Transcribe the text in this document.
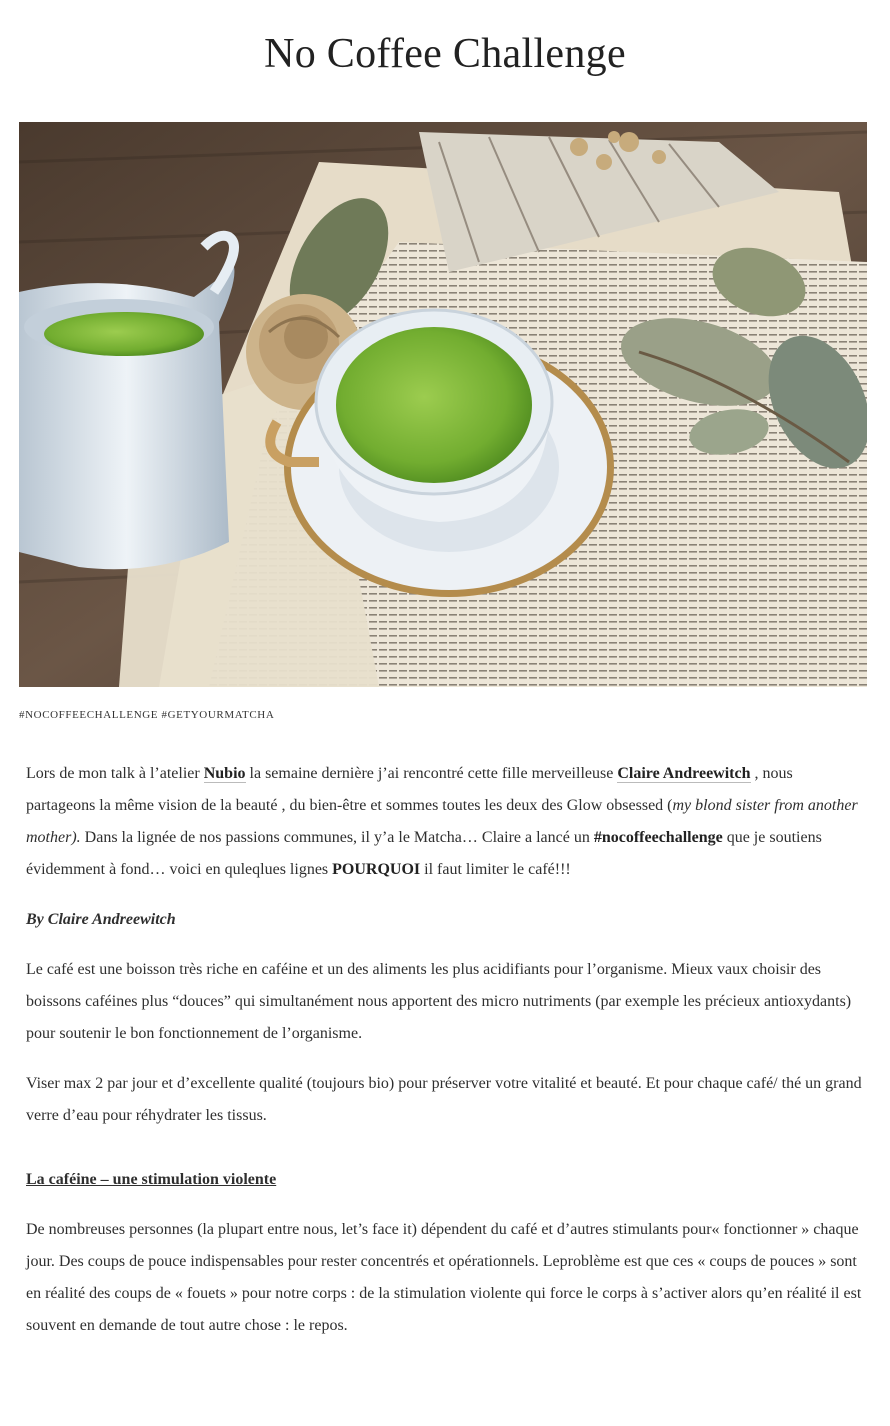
No Coffee Challenge
#NOCOFFEECHALLENGE #GETYOURMATCHA

Lors de mon talk à l’atelier Nubio la semaine dernière j’ai rencontré cette fille merveilleuse Claire Andreewitch , nous partageons la même vision de la beauté , du bien-être et sommes toutes les deux des Glow obsessed (my blond sister from another mother). Dans la lignée de nos passions communes, il y’a le Matcha… Claire a lancé un #nocoffeechallenge que je soutiens évidemment à fond… voici en quleqlues lignes POURQUOI il faut limiter le café!!!

By Claire Andreewitch

Le café est une boisson très riche en caféine et un des aliments les plus acidifiants pour l’organisme. Mieux vaux choisir des boissons caféines plus “douces” qui simultanément nous apportent des micro nutriments (par exemple les précieux antioxydants) pour soutenir le bon fonctionnement de l’organisme.

Viser max 2 par jour et d’excellente qualité (toujours bio) pour préserver votre vitalité et beauté. Et pour chaque café/ thé un grand verre d’eau pour réhydrater les tissus.

La caféine – une stimulation violente

De nombreuses personnes (la plupart entre nous, let’s face it) dépendent du café et d’autres stimulants pour« fonctionner » chaque jour. Des coups de pouce indispensables pour rester concentrés et opérationnels. Leproblème est que ces « coups de pouces » sont en réalité des coups de « fouets » pour notre corps : de la stimulation violente qui force le corps à s’activer alors qu’en réalité il est souvent en demande de tout autre chose : le repos.
